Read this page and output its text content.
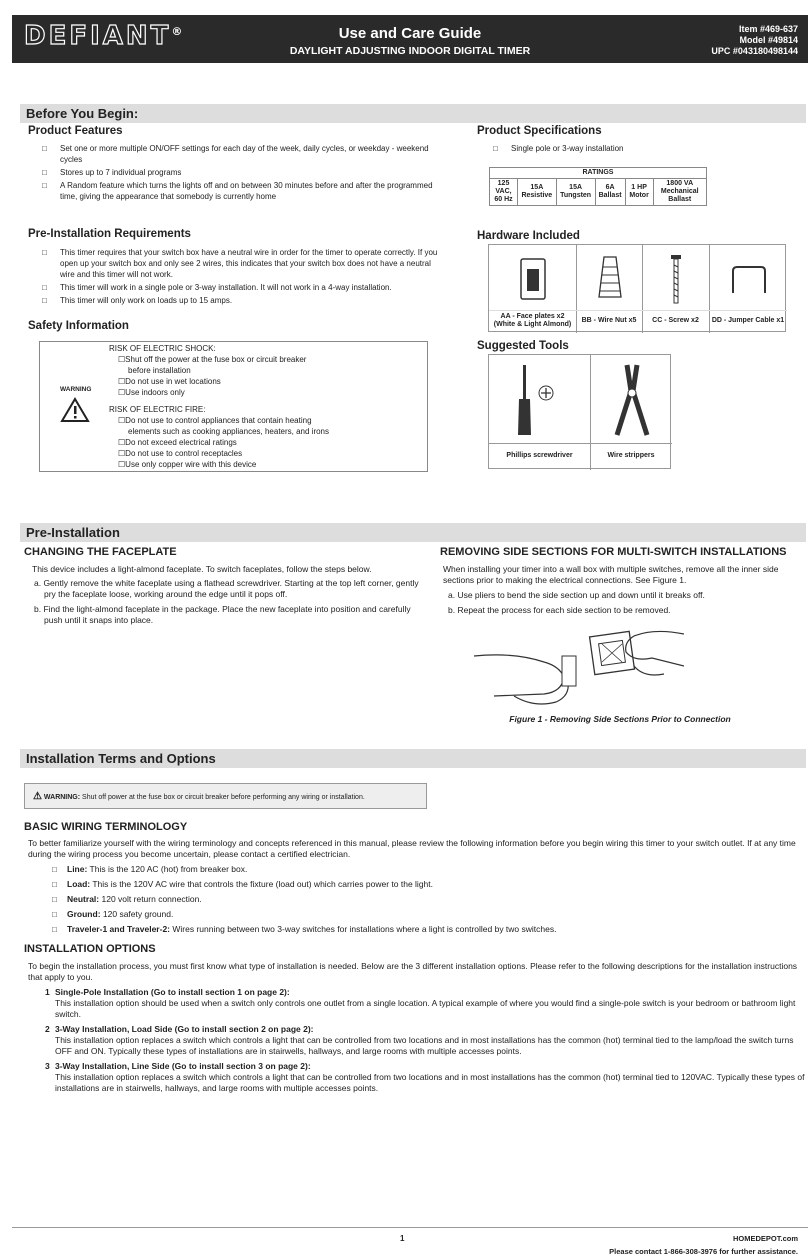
DEFIANT®	Use and Care Guide
DAYLIGHT ADJUSTING INDOOR DIGITAL TIMER
Item #469-637
Model #49814
UPC #043180498144
Before You Begin:
Product Features
□ Set one or more multiple ON/OFF settings for each day of the week, daily cycles, or weekday - weekend cycles
□ Stores up to 7 individual programs
□ A Random feature which turns the lights off and on between 30 minutes before and after the programmed time, giving the appearance that somebody is currently home
Product Specifications
□ Single pole or 3-way installation
RATINGS
125 VAC, 60 Hz	15A Resistive	15A Tungsten	6A Ballast	1 HP Motor	1800 VA Mechanical Ballast
Pre-Installation Requirements
□ This timer requires that your switch box have a neutral wire in order for the timer to operate correctly. If you open up your switch box and only see 2 wires, this indicates that your switch box does not have a neutral wire and this timer will not work.
□ This timer will work in a single pole or 3-way installation. It will not work in a 4-way installation.
□ This timer will only work on loads up to 15 amps.
Hardware Included
AA - Face plates x2 (White & Light Almond)
BB - Wire Nut x5	CC - Screw x2	DD - Jumper Cable x1
Safety Information
WARNING
RISK OF ELECTRIC SHOCK:
☐ Shut off the power at the fuse box or circuit breaker
before installation
☐ Do not use in wet locations
☐ Use indoors only
RISK OF ELECTRIC FIRE:
☐ Do not use to control appliances that contain heating
elements such as cooking appliances, heaters, and irons
☐ Do not exceed electrical ratings
☐ Do not use to control receptacles
☐ Use only copper wire with this device
Suggested Tools
Phillips screwdriver	Wire strippers
Pre-Installation
CHANGING THE FACEPLATE
This device includes a light-almond faceplate. To switch faceplates, follow the steps below.
a. Gently remove the white faceplate using a flathead screwdriver. Starting at the top left corner, gently pry the faceplate loose, working around the edge until it pops off.
b. Find the light-almond faceplate in the package. Place the new faceplate into position and carefully push until it snaps into place.
REMOVING SIDE SECTIONS FOR MULTI-SWITCH INSTALLATIONS
When installing your timer into a wall box with multiple switches, remove all the inner side sections prior to making the electrical connections. See Figure 1.
a. Use pliers to bend the side section up and down until it breaks off.
b. Repeat the process for each side section to be removed.
Figure 1 - Removing Side Sections Prior to Connection
Installation Terms and Options
⚠ WARNING: Shut off power at the fuse box or circuit breaker before performing any wiring or installation.
BASIC WIRING TERMINOLOGY
To better familiarize yourself with the wiring terminology and concepts referenced in this manual, please review the following information before you begin wiring this timer to your switch outlet. If at any time during the wiring process you become uncertain, please contact a certified electrician.
□ Line: This is the 120 AC (hot) from breaker box.
□ Load: This is the 120V AC wire that controls the fixture (load out) which carries power to the light.
□ Neutral: 120 volt return connection.
□ Ground: 120 safety ground.
□ Traveler-1 and Traveler-2: Wires running between two 3-way switches for installations where a light is controlled by two switches.
INSTALLATION OPTIONS
To begin the installation process, you must first know what type of installation is needed. Below are the 3 different installation options. Please refer to the following descriptions for the installation instructions that apply to you.
1 Single-Pole Installation (Go to install section 1 on page 2):
This installation option should be used when a switch only controls one outlet from a single location. A typical example of where you would find a single-pole switch is your bedroom or bathroom light switch.
2 3-Way Installation, Load Side (Go to install section 2 on page 2):
This installation option replaces a switch which controls a light that can be controlled from two locations and in most installations has the common (hot) terminal tied to the lamp/load the switch turns OFF and ON. Typically these types of installations are in stairwells, hallways, and large rooms with multiple accesses points.
3 3-Way Installation, Line Side (Go to install section 3 on page 2):
This installation option replaces a switch which controls a light that can be controlled from two locations and in most installations has the common (hot) terminal tied to 120VAC. Typically these types of installations are in stairwells, hallways, and large rooms with multiple accesses points.
1	HOMEDEPOT.com
Please contact 1-866-308-3976 for further assistance.
